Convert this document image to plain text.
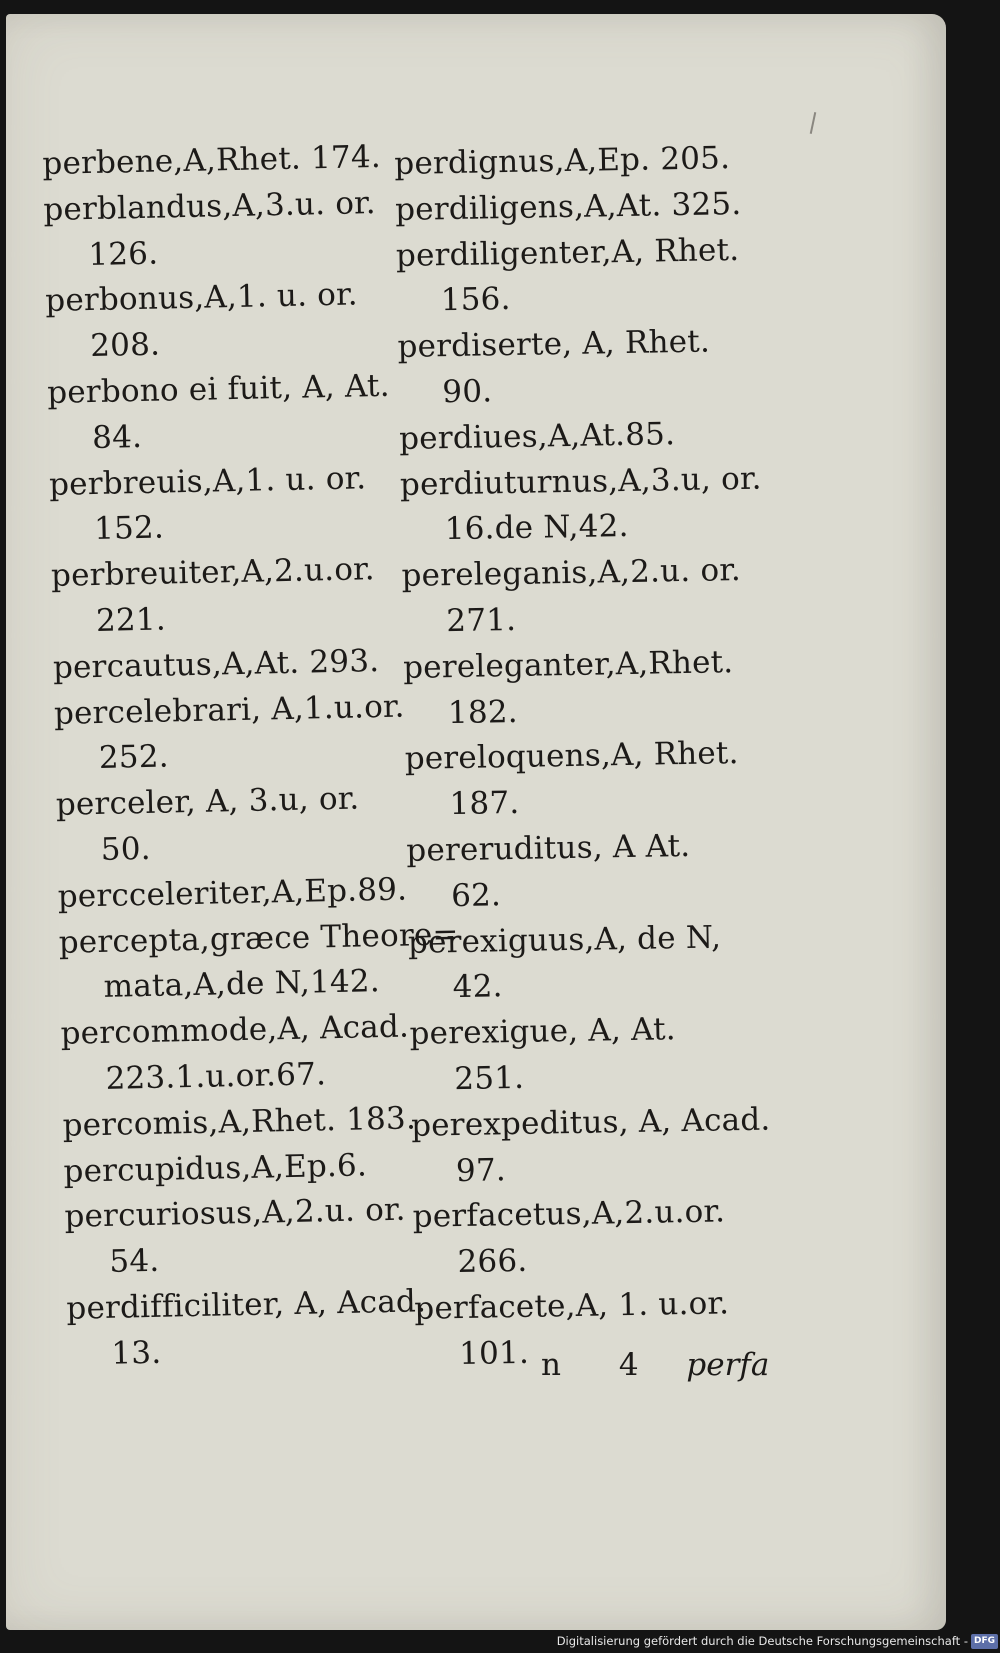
perbene,A,Rhet. 174.
perblandus,A,3.u. or.
126.
perbonus,A,1. u. or.
208.
perbono ei fuit, A, At.
84.
perbreuis,A,1. u. or.
152.
perbreuiter,A,2.u.or.
221.
percautus,A,At. 293.
percelebrari, A,1.u.or.
252.
perceler, A, 3.u, or.
50.
percceleriter,A,Ep.89.
percepta,græce Theore=
mata,A,de N,142.
percommode,A, Acad.
223.1.u.or.67.
percomis,A,Rhet. 183.
percupidus,A,Ep.6.
percuriosus,A,2.u. or.
54.
perdifficiliter, A, Acad.
13.
perdignus,A,Ep. 205.
perdiligens,A,At. 325.
perdiligenter,A, Rhet.
156.
perdiserte, A, Rhet.
90.
perdiues,A,At.85.
perdiuturnus,A,3.u, or.
16.de N,42.
pereleganis,A,2.u. or.
271.
pereleganter,A,Rhet.
182.
pereloquens,A, Rhet.
187.
pereruditus, A At.
62.
perexiguus,A, de N,
42.
perexigue, A, At.
251.
perexpeditus, A, Acad.
97.
perfacetus,A,2.u.or.
266.
perfacete,A, 1. u.or.
101. n 4 perfa
Digitalisierung gefördert durch die Deutsche Forschungsgemeinschaft - DFG
